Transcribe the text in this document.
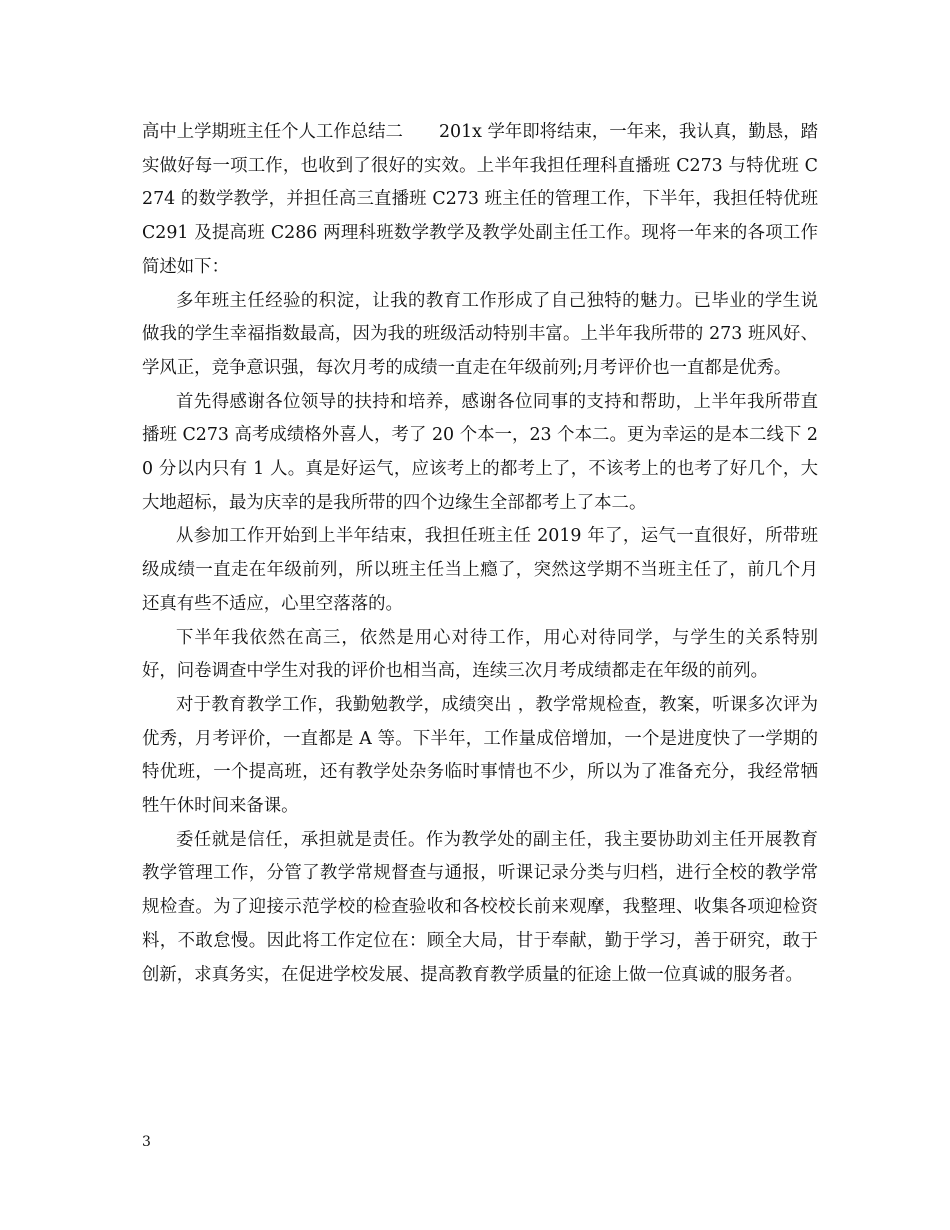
高中上学期班主任个人工作总结二 201x 学年即将结束，一年来，我认真，勤恳，踏实做好每一项工作，也收到了很好的实效。上半年我担任理科直播班 C273 与特优班 C274 的数学教学，并担任高三直播班 C273 班主任的管理工作，下半年，我担任特优班 C291 及提高班 C286 两理科班数学教学及教学处副主任工作。现将一年来的各项工作简述如下：

多年班主任经验的积淀，让我的教育工作形成了自己独特的魅力。已毕业的学生说做我的学生幸福指数最高，因为我的班级活动特别丰富。上半年我所带的 273 班风好、学风正，竞争意识强，每次月考的成绩一直走在年级前列;月考评价也一直都是优秀。

首先得感谢各位领导的扶持和培养，感谢各位同事的支持和帮助，上半年我所带直播班 C273 高考成绩格外喜人，考了 20 个本一，23 个本二。更为幸运的是本二线下 20 分以内只有 1 人。真是好运气，应该考上的都考上了，不该考上的也考了好几个，大大地超标，最为庆幸的是我所带的四个边缘生全部都考上了本二。

从参加工作开始到上半年结束，我担任班主任 2019 年了，运气一直很好，所带班级成绩一直走在年级前列，所以班主任当上瘾了，突然这学期不当班主任了，前几个月还真有些不适应，心里空落落的。

下半年我依然在高三，依然是用心对待工作，用心对待同学，与学生的关系特别好，问卷调查中学生对我的评价也相当高，连续三次月考成绩都走在年级的前列。

对于教育教学工作，我勤勉教学，成绩突出 ，教学常规检查，教案，听课多次评为优秀，月考评价，一直都是 A 等。下半年，工作量成倍增加，一个是进度快了一学期的特优班，一个提高班，还有教学处杂务临时事情也不少，所以为了准备充分，我经常牺牲午休时间来备课。

委任就是信任，承担就是责任。作为教学处的副主任，我主要协助刘主任开展教育教学管理工作，分管了教学常规督查与通报，听课记录分类与归档，进行全校的教学常规检查。为了迎接示范学校的检查验收和各校校长前来观摩，我整理、收集各项迎检资料，不敢怠慢。因此将工作定位在：顾全大局，甘于奉献，勤于学习，善于研究，敢于创新，求真务实，在促进学校发展、提高教育教学质量的征途上做一位真诚的服务者。

3
